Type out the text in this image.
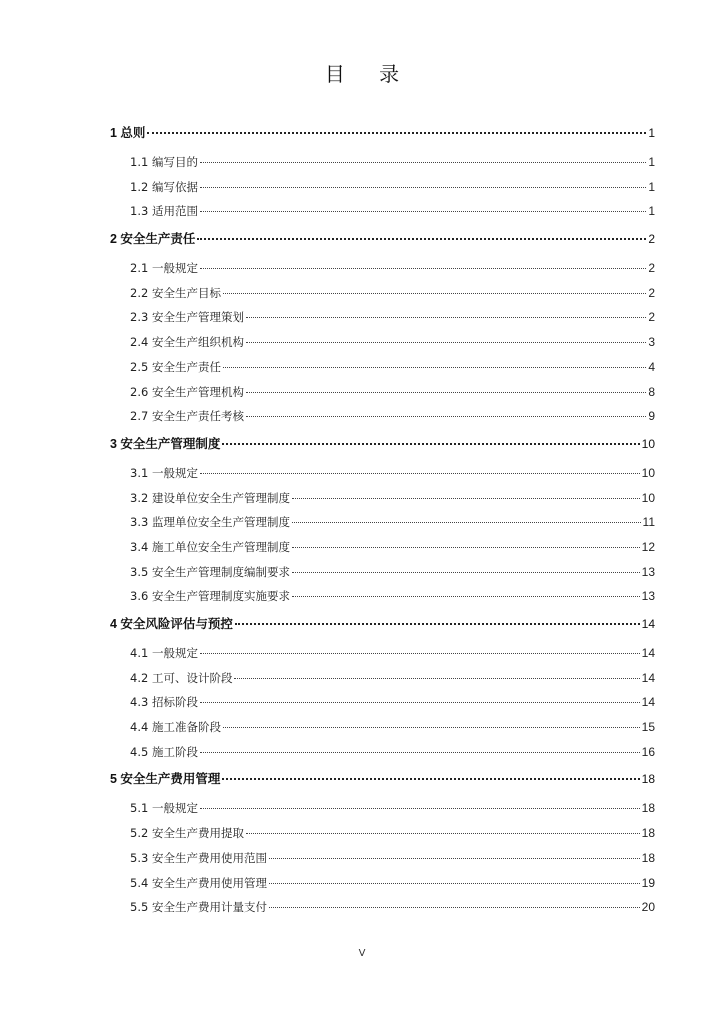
目 录
1 总则	1
1.1 编写目的	1
1.2 编写依据	1
1.3 适用范围	1
2 安全生产责任	2
2.1 一般规定	2
2.2 安全生产目标	2
2.3 安全生产管理策划	2
2.4 安全生产组织机构	3
2.5 安全生产责任	4
2.6 安全生产管理机构	8
2.7 安全生产责任考核	9
3 安全生产管理制度	10
3.1 一般规定	10
3.2 建设单位安全生产管理制度	10
3.3 监理单位安全生产管理制度	11
3.4 施工单位安全生产管理制度	12
3.5 安全生产管理制度编制要求	13
3.6 安全生产管理制度实施要求	13
4 安全风险评估与预控	14
4.1 一般规定	14
4.2 工可、设计阶段	14
4.3 招标阶段	14
4.4 施工准备阶段	15
4.5 施工阶段	16
5 安全生产费用管理	18
5.1 一般规定	18
5.2 安全生产费用提取	18
5.3 安全生产费用使用范围	18
5.4 安全生产费用使用管理	19
5.5 安全生产费用计量支付	20
V
